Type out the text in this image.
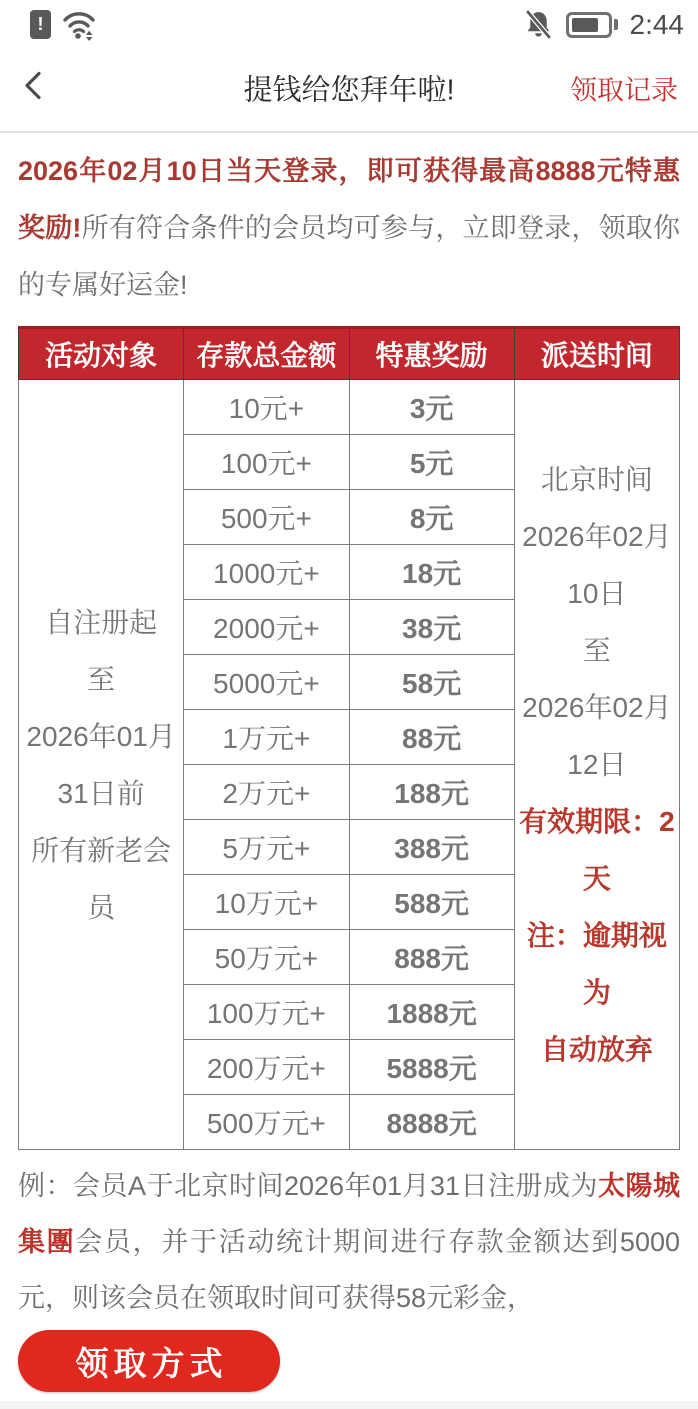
!	2:44
提钱给您拜年啦!	领取记录

2026年02月10日当天登录，即可获得最高8888元特惠奖励!所有符合条件的会员均可参与，立即登录，领取你的专属好运金!

活动对象	存款总金额	特惠奖励	派送时间

自注册起
至
2026年01月
31日前
所有新老会员
	10元+	3元	
北京时间
2026年02月
10日
至
2026年02月
12日
有效期限：2
天
注：逾期视为
自动放弃

	100元+	5元	
	500元+	8元	
	1000元+	18元	
	2000元+	38元	
	5000元+	58元	
	1万元+	88元	
	2万元+	188元	
	5万元+	388元	
	10万元+	588元	
	50万元+	888元	
	100万元+	1888元	
	200万元+	5888元	
	500万元+	8888元	

例：会员A于北京时间2026年01月31日注册成为太陽城集團会员，并于活动统计期间进行存款金额达到5000元，则该会员在领取时间可获得58元彩金，

领取方式
